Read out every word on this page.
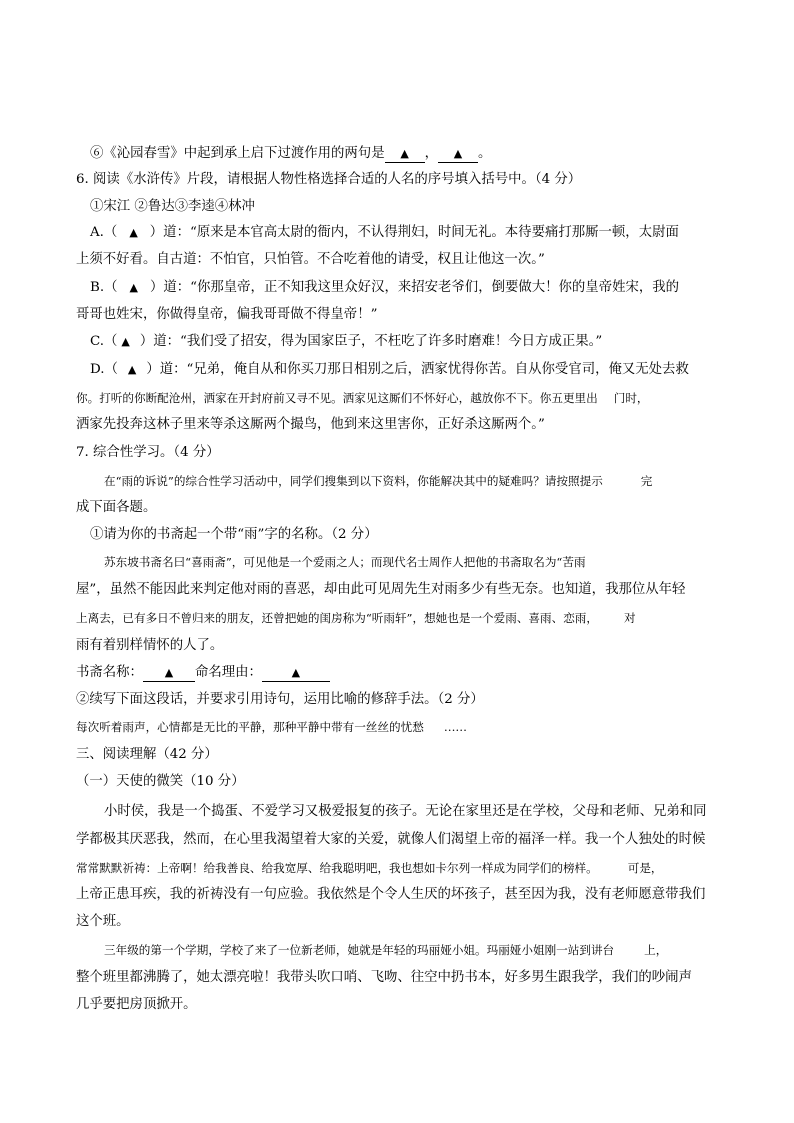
⑥《沁园春雪》中起到承上启下过渡作用的两句是 ▲ ， ▲ 。
6. 阅读《水浒传》片段，请根据人物性格选择合适的人名的序号填入括号中。（4 分）
①宋江 ②鲁达③李逵④林冲
A.（ ▲ ）道：“原来是本官高太尉的衙内，不认得荆妇，时间无礼。本待要痛打那厮一顿，太尉面
上须不好看。自古道：不怕官，只怕管。不合吃着他的请受，权且让他这一次。”
B.（ ▲ ）道：“你那皇帝，正不知我这里众好汉，来招安老爷们，倒要做大！你的皇帝姓宋，我的
哥哥也姓宋，你做得皇帝，偏我哥哥做不得皇帝！”
C.（ ▲ ）道：“我们受了招安，得为国家臣子，不枉吃了许多时磨难！今日方成正果。”
D.（ ▲ ）道：“兄弟，俺自从和你买刀那日相别之后，洒家忧得你苦。自从你受官司，俺又无处去救
你。打听的你断配沧州，洒家在开封府前又寻不见。洒家见这厮们不怀好心，越放你不下。你五更里出 门时，
洒家先投奔这林子里来等杀这厮两个撮鸟，他到来这里害你，正好杀这厮两个。”
7. 综合性学习。（4 分）
在“雨的诉说”的综合性学习活动中，同学们搜集到以下资料，你能解决其中的疑难吗？请按照提示	完
成下面各题。
①请为你的书斋起一个带“雨”字的名称。（2 分）
苏东坡书斋名曰“喜雨斋”，可见他是一个爱雨之人；而现代名士周作人把他的书斋取名为“苦雨
屋”，虽然不能因此来判定他对雨的喜恶，却由此可见周先生对雨多少有些无奈。也知道，我那位从年轻
上离去，已有多日不曾归来的朋友，还曾把她的闺房称为“听雨轩”，想她也是一个爱雨、喜雨、恋雨， 对
雨有着别样情怀的人了。
书斋名称： ▲ 命名理由：	▲
②续写下面这段话，并要求引用诗句，运用比喻的修辞手法。（2 分）
每次听着雨声，心情都是无比的平静，那种平静中带有一丝丝的忧愁 ……
三、阅读理解（42 分）
（一）天使的微笑（10 分）
小时侯，我是一个捣蛋、不爱学习又极爱报复的孩子。无论在家里还是在学校，父母和老师、兄弟和同
学都极其厌恶我，然而，在心里我渴望着大家的关爱，就像人们渴望上帝的福泽一样。我一个人独处的时候
常常默默祈祷：上帝啊！给我善良、给我宽厚、给我聪明吧，我也想如卡尔列一样成为同学们的榜样。	可是，
上帝正患耳疾，我的祈祷没有一句应验。我依然是个令人生厌的坏孩子，甚至因为我，没有老师愿意带我们
这个班。
三年级的第一个学期，学校了来了一位新老师，她就是年轻的玛丽娅小姐。玛丽娅小姐刚一站到讲台	上，
整个班里都沸腾了，她太漂亮啦！我带头吹口哨、飞吻、往空中扔书本，好多男生跟我学，我们的吵闹声
几乎要把房顶掀开。
